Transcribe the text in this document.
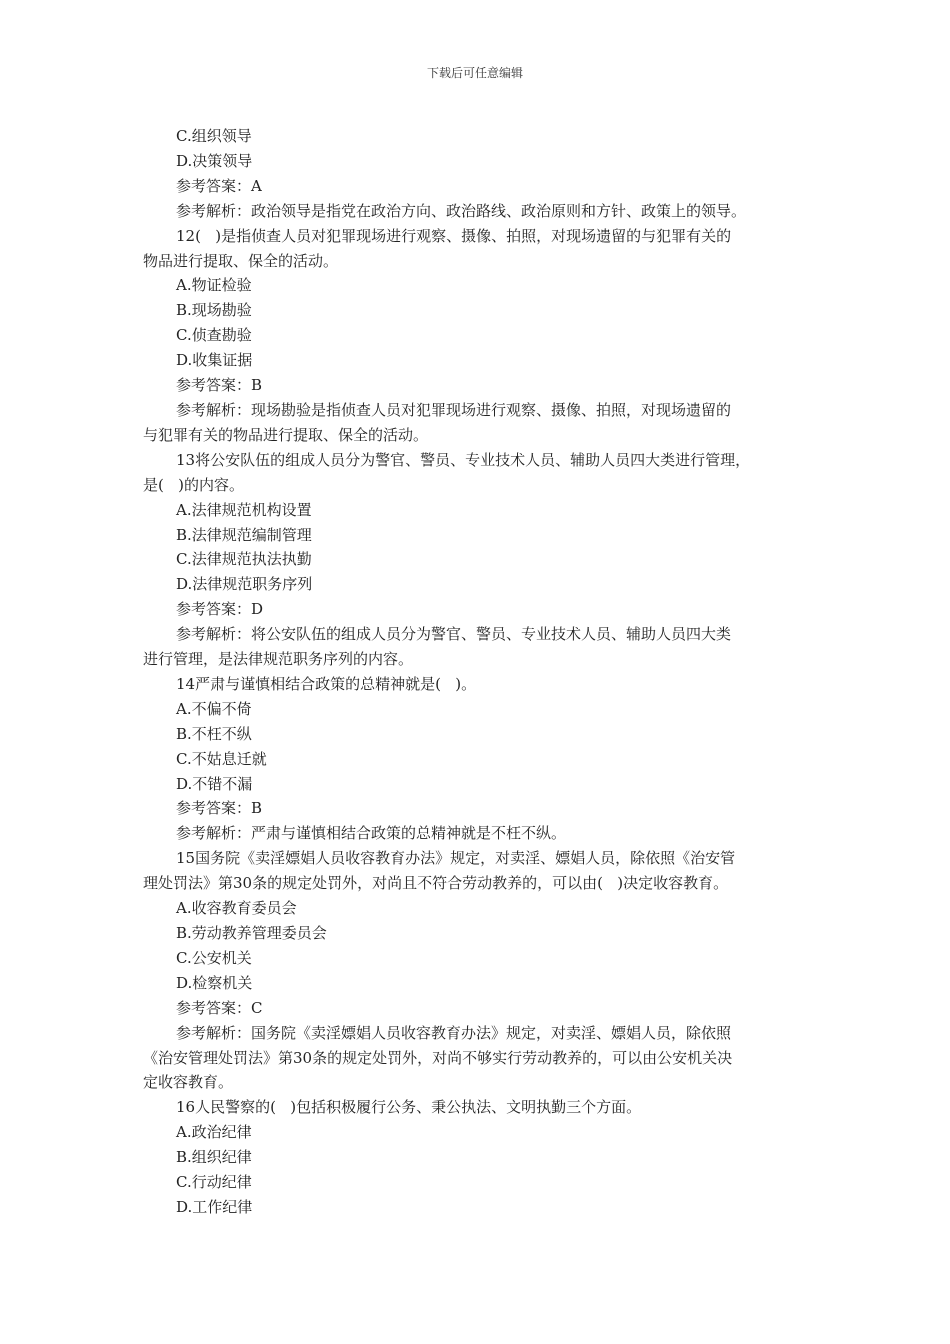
下载后可任意编辑
C.组织领导
D.决策领导
参考答案：A
参考解析：政治领导是指党在政治方向、政治路线、政治原则和方针、政策上的领导。
12(   )是指侦查人员对犯罪现场进行观察、摄像、拍照，对现场遗留的与犯罪有关的
物品进行提取、保全的活动。
A.物证检验
B.现场勘验
C.侦查勘验
D.收集证据
参考答案：B
参考解析：现场勘验是指侦查人员对犯罪现场进行观察、摄像、拍照，对现场遗留的
与犯罪有关的物品进行提取、保全的活动。
13将公安队伍的组成人员分为警官、警员、专业技术人员、辅助人员四大类进行管理，
是(   )的内容。
A.法律规范机构设置
B.法律规范编制管理
C.法律规范执法执勤
D.法律规范职务序列
参考答案：D
参考解析：将公安队伍的组成人员分为警官、警员、专业技术人员、辅助人员四大类
进行管理，是法律规范职务序列的内容。
14严肃与谨慎相结合政策的总精神就是(   )。
A.不偏不倚
B.不枉不纵
C.不姑息迁就
D.不错不漏
参考答案：B
参考解析：严肃与谨慎相结合政策的总精神就是不枉不纵。
15国务院《卖淫嫖娼人员收容教育办法》规定，对卖淫、嫖娼人员，除依照《治安管
理处罚法》第30条的规定处罚外，对尚且不符合劳动教养的，可以由(   )决定收容教育。
A.收容教育委员会
B.劳动教养管理委员会
C.公安机关
D.检察机关
参考答案：C
参考解析：国务院《卖淫嫖娼人员收容教育办法》规定，对卖淫、嫖娼人员，除依照
《治安管理处罚法》第30条的规定处罚外，对尚不够实行劳动教养的，可以由公安机关决
定收容教育。
16人民警察的(   )包括积极履行公务、秉公执法、文明执勤三个方面。
A.政治纪律
B.组织纪律
C.行动纪律
D.工作纪律
